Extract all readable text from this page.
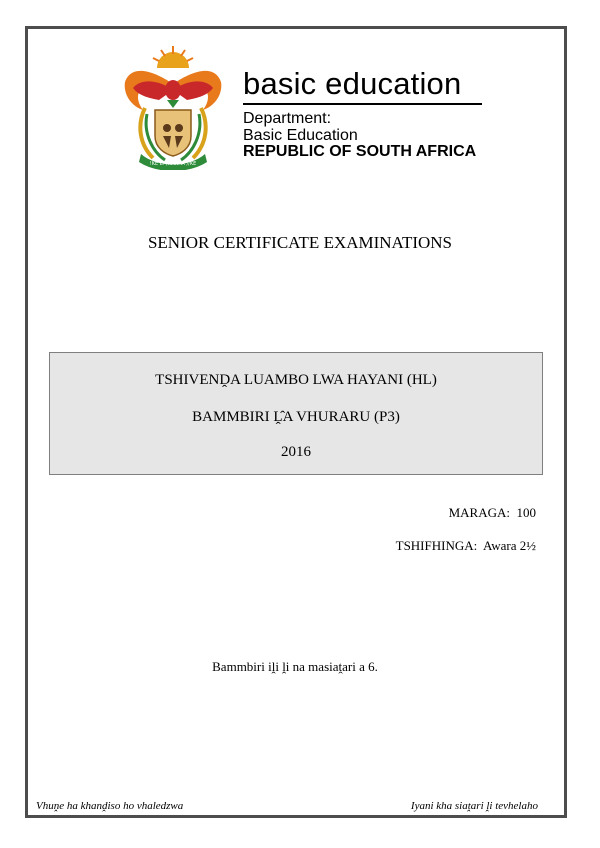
!KE E: /XARRA //KE
basic education
Department:
Basic Education
REPUBLIC OF SOUTH AFRICA
SENIOR CERTIFICATE EXAMINATIONS
TSHIVENḒA LUAMBO LWA HAYANI (HL)
BAMMBIRI Ḽ̂A VHURARU (P3)
2016
MARAGA: 100
TSHIFHINGA: Awara 2½
Bammbiri iḽi ḽi na masiaṱari a 6.
Vhuṋe ha khanḓiso ho vhaledzwa	Iyani kha siaṱari ḽi tevhelaho
